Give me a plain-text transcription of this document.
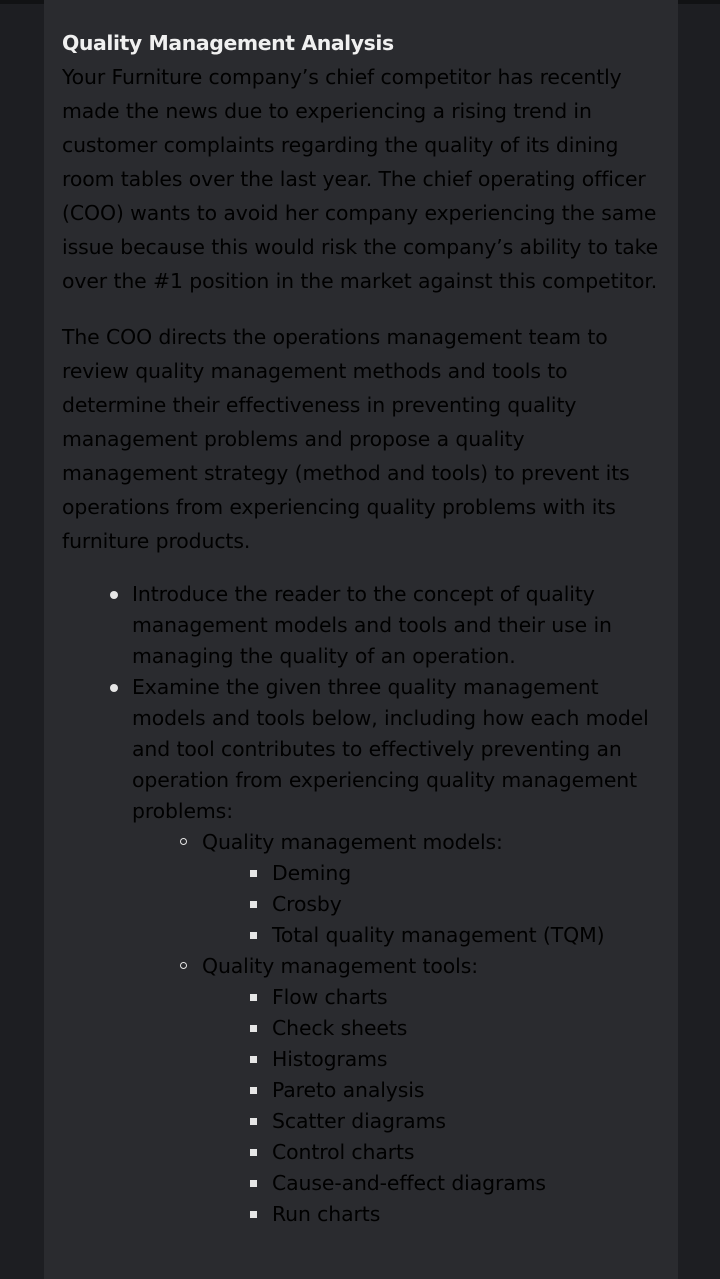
Quality Management Analysis

Your Furniture company’s chief competitor has recently made the news due to experiencing a rising trend in customer complaints regarding the quality of its dining room tables over the last year. The chief operating officer (COO) wants to avoid her company experiencing the same issue because this would risk the company’s ability to take over the #1 position in the market against this competitor.

The COO directs the operations management team to review quality management methods and tools to determine their effectiveness in preventing quality management problems and propose a quality management strategy (method and tools) to prevent its operations from experiencing quality problems with its furniture products.

Introduce the reader to the concept of quality management models and tools and their use in managing the quality of an operation.
Examine the given three quality management models and tools below, including how each model and tool contributes to effectively preventing an operation from experiencing quality management problems:
Quality management models:
Deming
Crosby
Total quality management (TQM)
Quality management tools:
Flow charts
Check sheets
Histograms
Pareto analysis
Scatter diagrams
Control charts
Cause-and-effect diagrams
Run charts
